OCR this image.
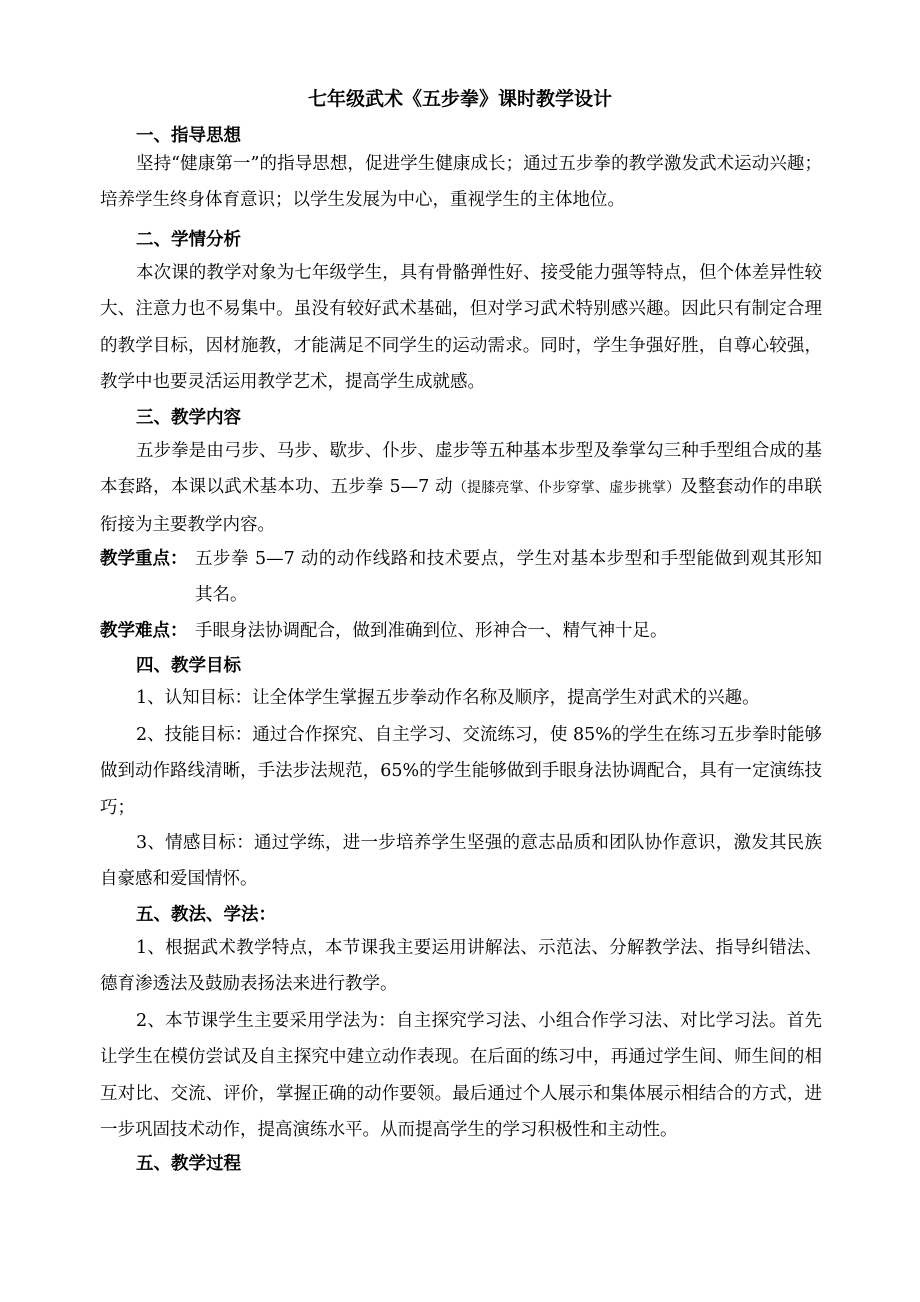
七年级武术《五步拳》课时教学设计
一、指导思想

坚持“健康第一”的指导思想，促进学生健康成长；通过五步拳的教学激发武术运动兴趣；培养学生终身体育意识；以学生发展为中心，重视学生的主体地位。

二、学情分析

本次课的教学对象为七年级学生，具有骨骼弹性好、接受能力强等特点，但个体差异性较大、注意力也不易集中。虽没有较好武术基础，但对学习武术特别感兴趣。因此只有制定合理的教学目标，因材施教，才能满足不同学生的运动需求。同时，学生争强好胜，自尊心较强，教学中也要灵活运用教学艺术，提高学生成就感。

三、教学内容

五步拳是由弓步、马步、歇步、仆步、虚步等五种基本步型及拳掌勾三种手型组合成的基本套路，本课以武术基本功、五步拳 5—7 动（提膝亮掌、仆步穿掌、虚步挑掌）及整套动作的串联衔接为主要教学内容。

教学重点： 五步拳 5—7 动的动作线路和技术要点，学生对基本步型和手型能做到观其形知其名。

教学难点： 手眼身法协调配合，做到准确到位、形神合一、精气神十足。

四、教学目标

1、认知目标：让全体学生掌握五步拳动作名称及顺序，提高学生对武术的兴趣。

2、技能目标：通过合作探究、自主学习、交流练习，使 85%的学生在练习五步拳时能够做到动作路线清晰，手法步法规范，65%的学生能够做到手眼身法协调配合，具有一定演练技巧；

3、情感目标：通过学练，进一步培养学生坚强的意志品质和团队协作意识，激发其民族自豪感和爱国情怀。

五、教法、学法：

1、根据武术教学特点，本节课我主要运用讲解法、示范法、分解教学法、指导纠错法、德育渗透法及鼓励表扬法来进行教学。

2、本节课学生主要采用学法为：自主探究学习法、小组合作学习法、对比学习法。首先让学生在模仿尝试及自主探究中建立动作表现。在后面的练习中，再通过学生间、师生间的相互对比、交流、评价，掌握正确的动作要领。最后通过个人展示和集体展示相结合的方式，进一步巩固技术动作，提高演练水平。从而提高学生的学习积极性和主动性。

五、教学过程
